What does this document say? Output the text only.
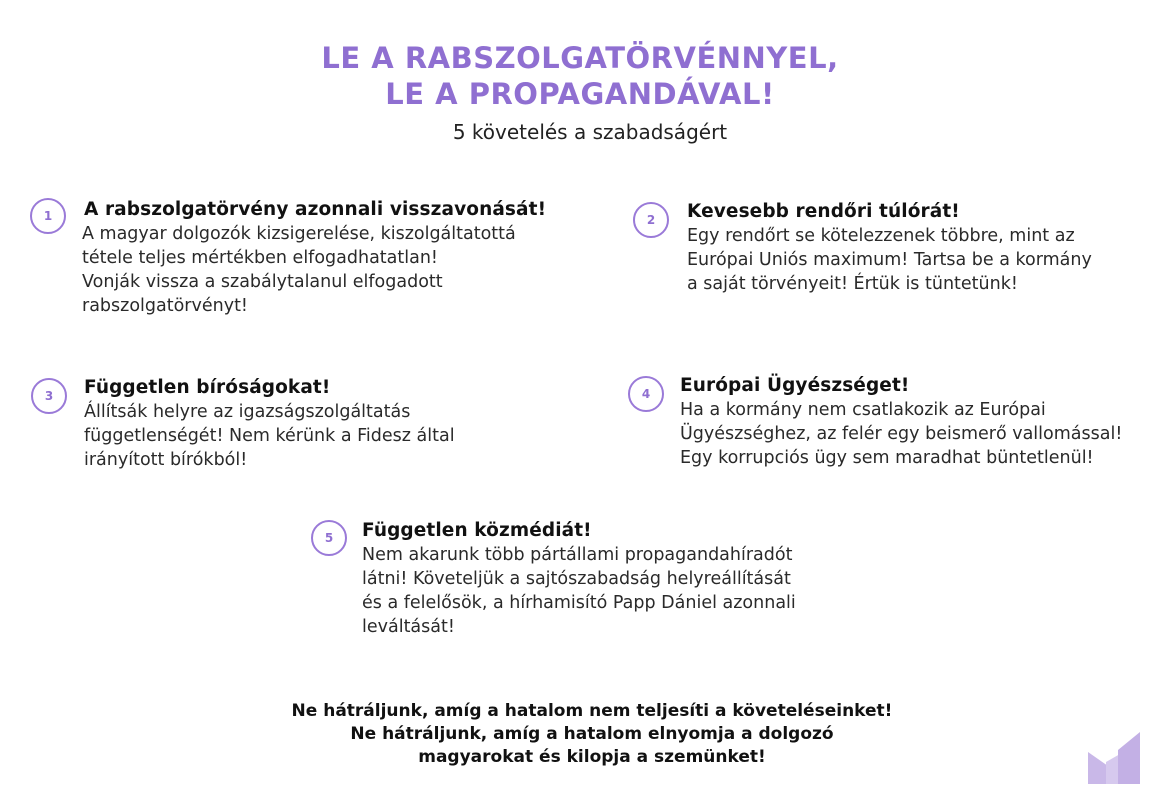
LE A RABSZOLGATÖRVÉNNYEL,
LE A PROPAGANDÁVAL!
5 követelés a szabadságért
1	A rabszolgatörvény azonnali visszavonását!
A magyar dolgozók kizsigerelése, kiszolgáltatottá
tétele teljes mértékben elfogadhatatlan!
Vonják vissza a szabálytalanul elfogadott
rabszolgatörvényt!
2	Kevesebb rendőri túlórát!
Egy rendőrt se kötelezzenek többre, mint az
Európai Uniós maximum! Tartsa be a kormány
a saját törvényeit! Értük is tüntetünk!
3	Független bíróságokat!
Állítsák helyre az igazságszolgáltatás
függetlenségét! Nem kérünk a Fidesz által
irányított bírókból!
4	Európai Ügyészséget!
Ha a kormány nem csatlakozik az Európai
Ügyészséghez, az felér egy beismerő vallomással!
Egy korrupciós ügy sem maradhat büntetlenül!
5	Független közmédiát!
Nem akarunk több pártállami propagandahíradót
látni! Követeljük a sajtószabadság helyreállítását
és a felelősök, a hírhamisító Papp Dániel azonnali
leváltását!
Ne hátráljunk, amíg a hatalom nem teljesíti a követeléseinket!
Ne hátráljunk, amíg a hatalom elnyomja a dolgozó
magyarokat és kilopja a szemünket!
